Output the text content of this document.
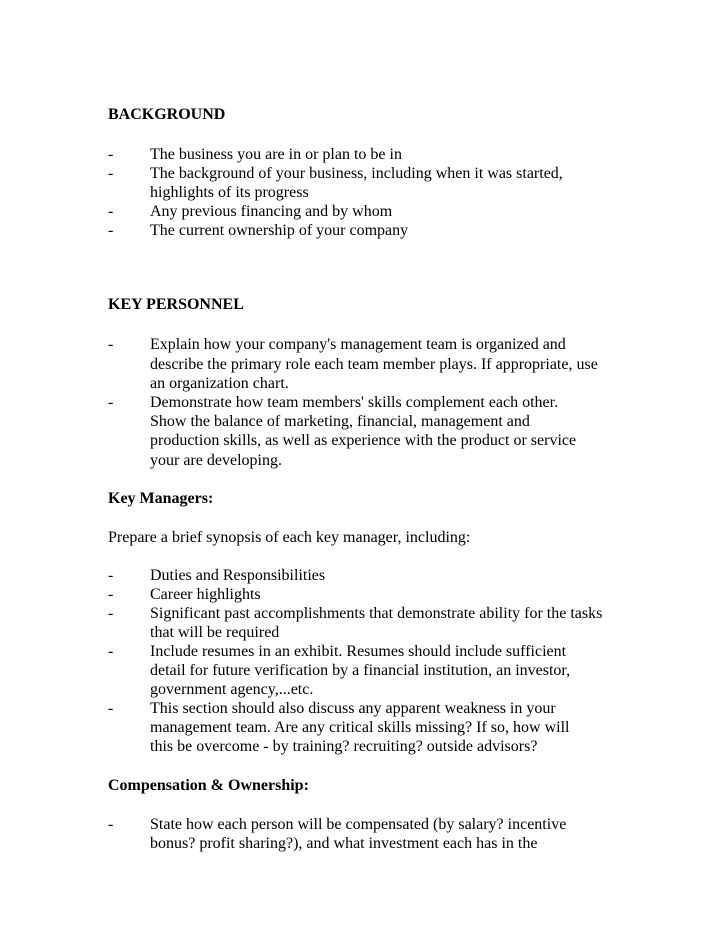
BACKGROUND
- The business you are in or plan to be in
- The background of your business, including when it was started,
highlights of its progress
- Any previous financing and by whom
- The current ownership of your company
KEY PERSONNEL
- Explain how your company's management team is organized and
describe the primary role each team member plays. If appropriate, use
an organization chart.
- Demonstrate how team members' skills complement each other.
Show the balance of marketing, financial, management and
production skills, as well as experience with the product or service
your are developing.
Key Managers:
Prepare a brief synopsis of each key manager, including:
- Duties and Responsibilities
- Career highlights
- Significant past accomplishments that demonstrate ability for the tasks
that will be required
- Include resumes in an exhibit. Resumes should include sufficient
detail for future verification by a financial institution, an investor,
government agency,...etc.
- This section should also discuss any apparent weakness in your
management team. Are any critical skills missing? If so, how will
this be overcome - by training? recruiting? outside advisors?
Compensation & Ownership:
- State how each person will be compensated (by salary? incentive
bonus? profit sharing?), and what investment each has in the
